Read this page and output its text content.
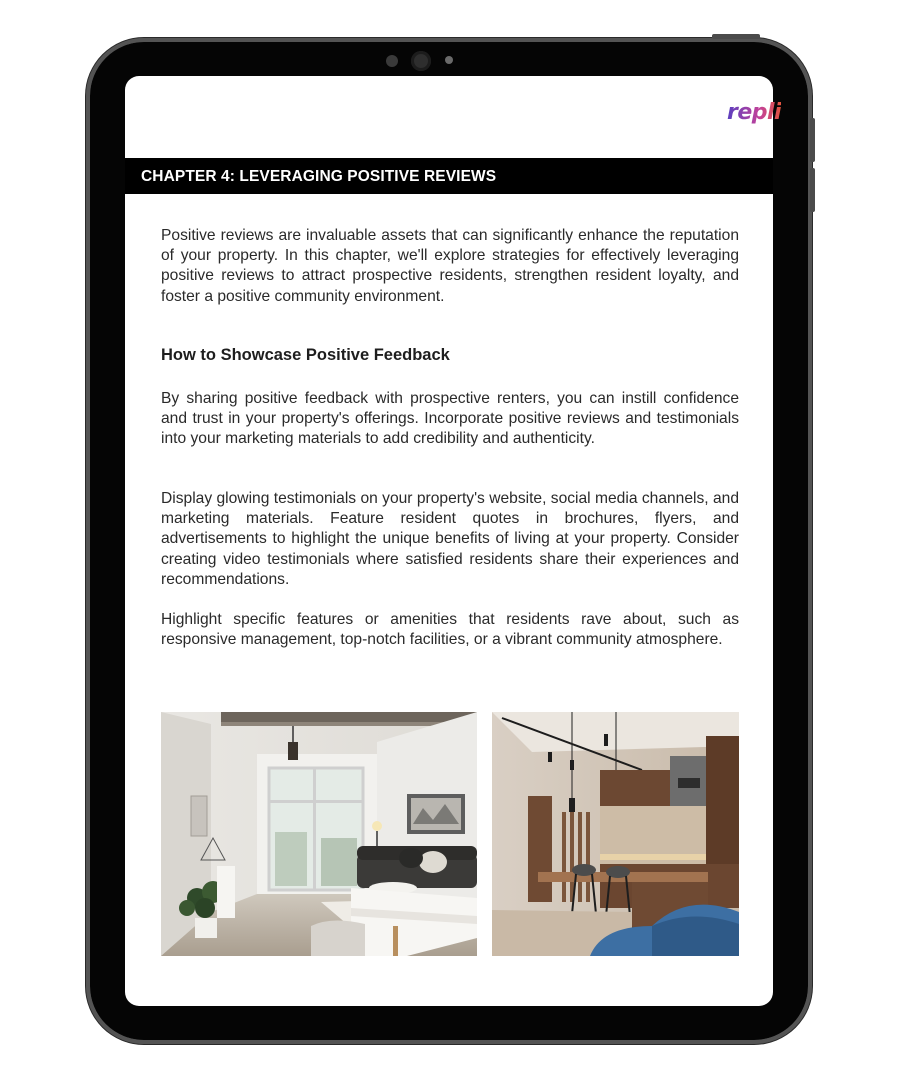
repli
CHAPTER 4: LEVERAGING POSITIVE REVIEWS

Positive reviews are invaluable assets that can significantly enhance the reputation of your property. In this chapter, we'll explore strategies for effectively leveraging positive reviews to attract prospective residents, strengthen resident loyalty, and foster a positive community environment.

How to Showcase Positive Feedback

By sharing positive feedback with prospective renters, you can instill confidence and trust in your property's offerings. Incorporate positive reviews and testimonials into your marketing materials to add credibility and authenticity.

Display glowing testimonials on your property's website, social media channels, and marketing materials. Feature resident quotes in brochures, flyers, and advertisements to highlight the unique benefits of living at your property. Consider creating video testimonials where satisfied residents share their experiences and recommendations.

Highlight specific features or amenities that residents rave about, such as responsive management, top-notch facilities, or a vibrant community atmosphere.
